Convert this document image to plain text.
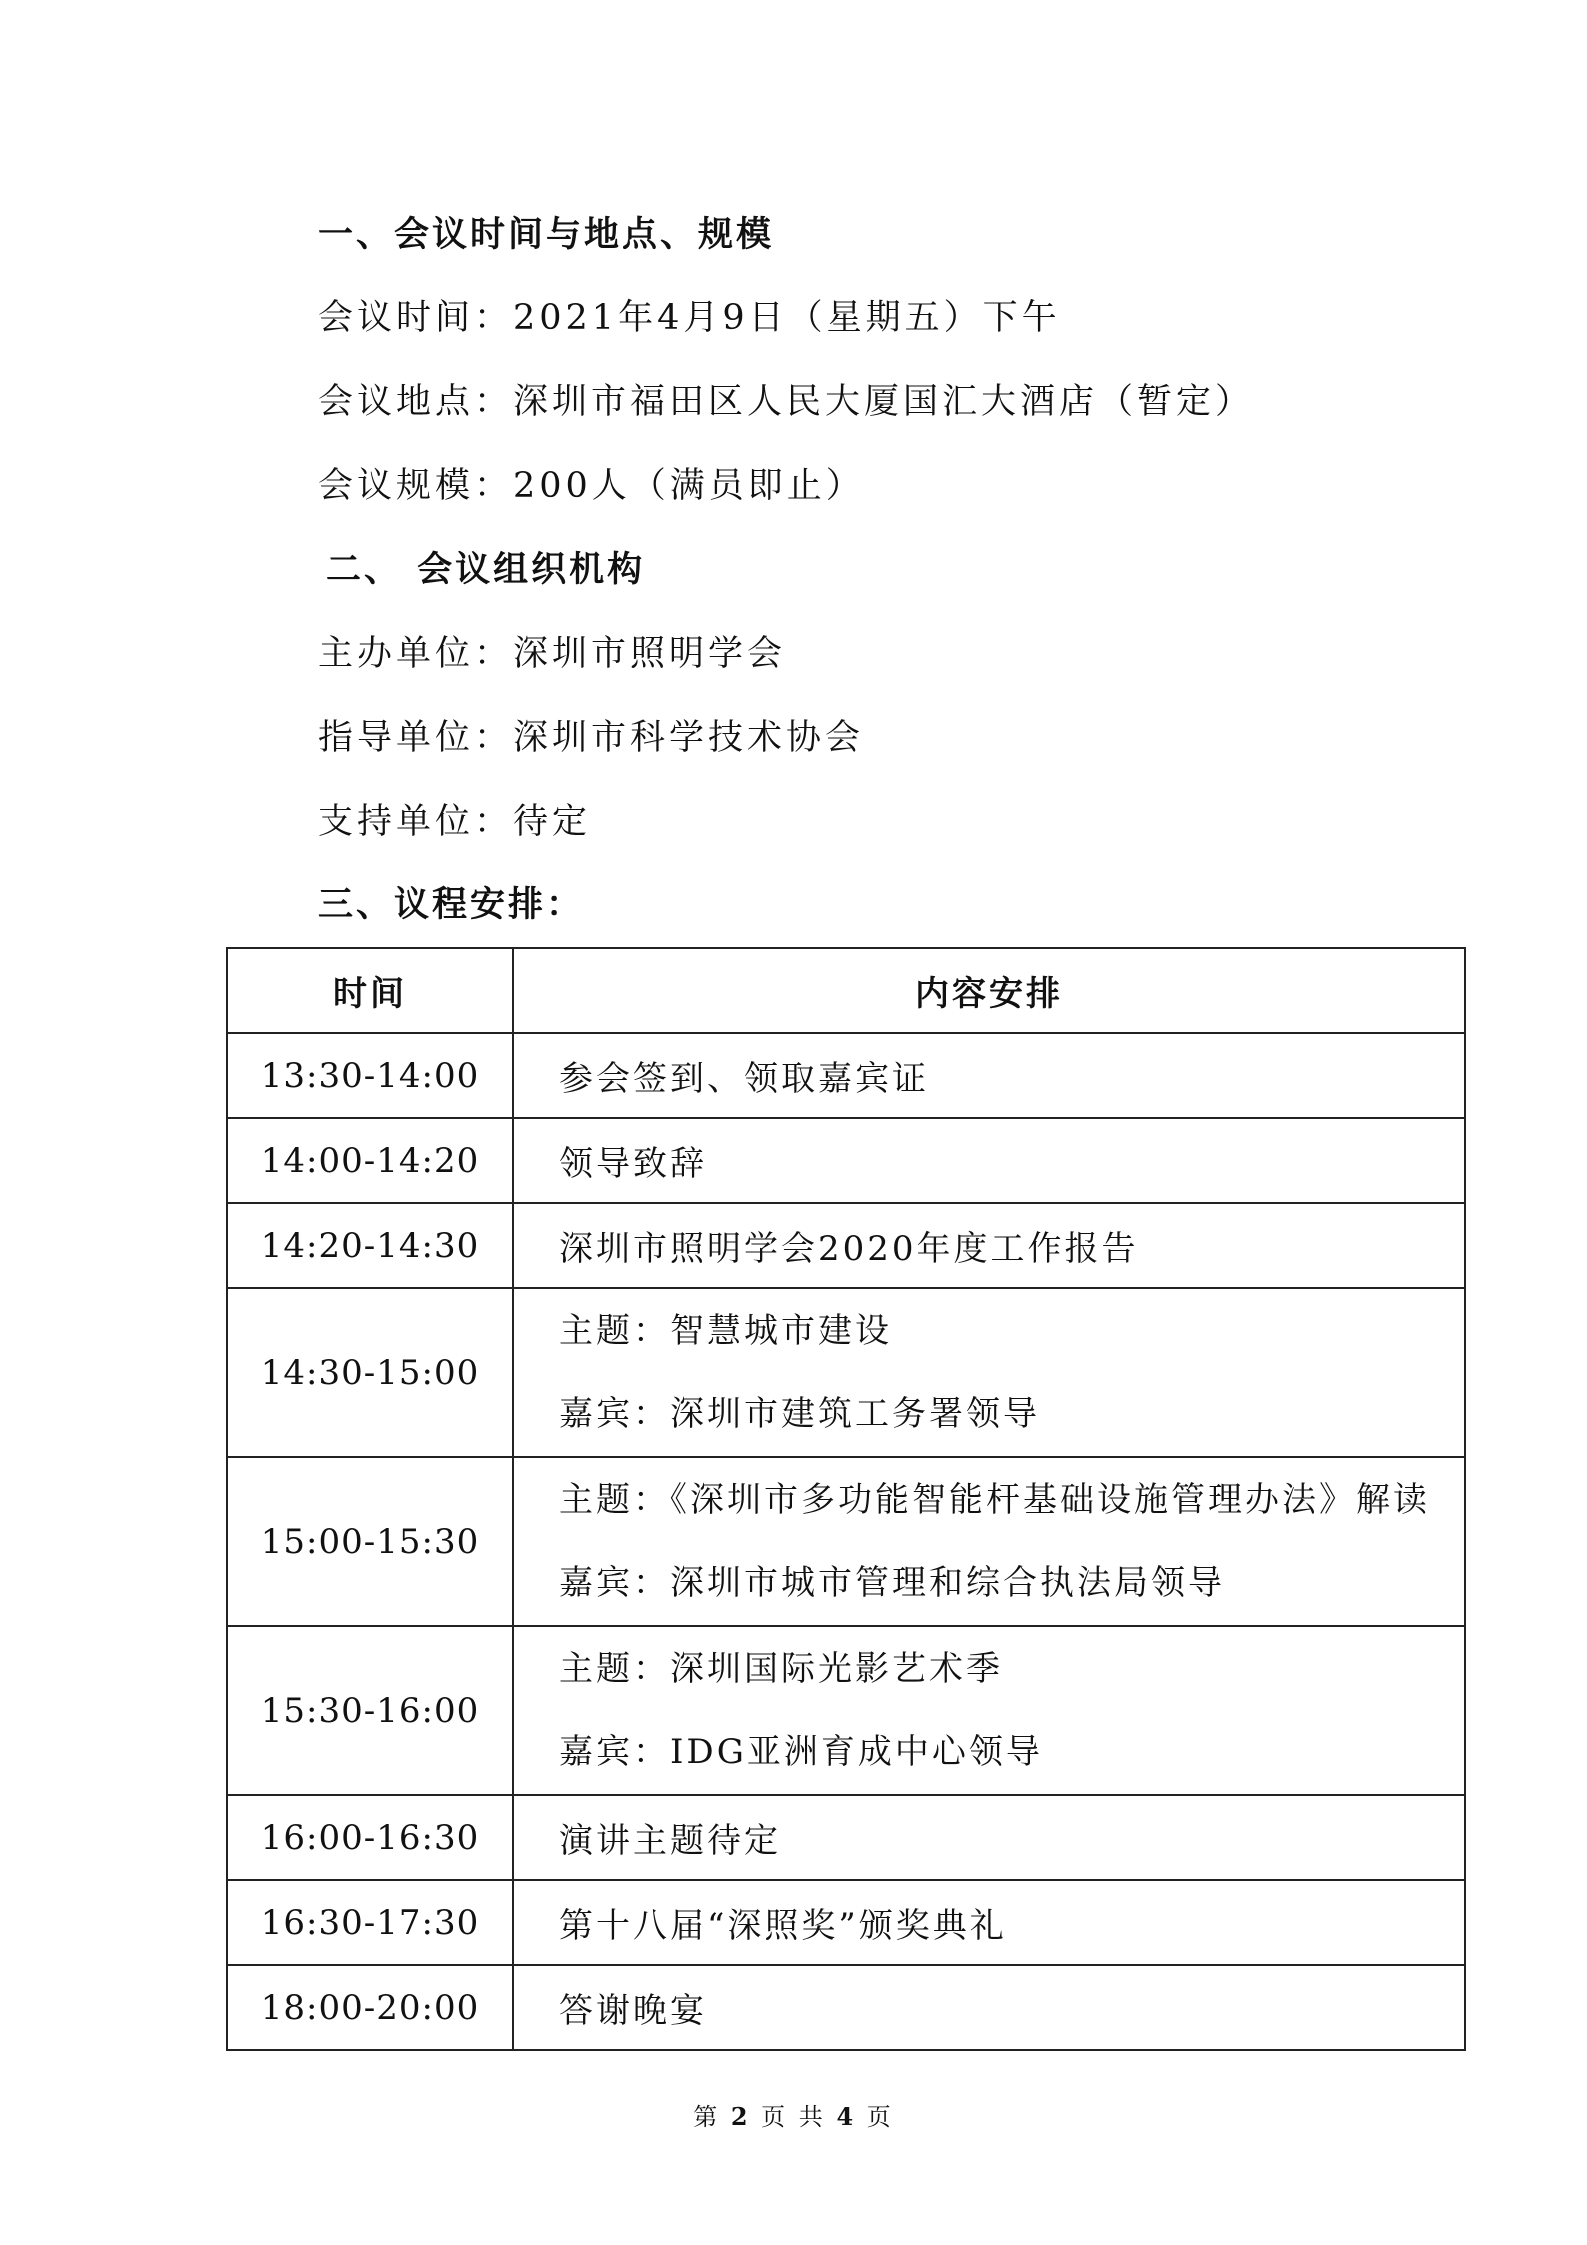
一、会议时间与地点、规模
会议时间：2021年4月9日（星期五）下午
会议地点：深圳市福田区人民大厦国汇大酒店（暂定）
会议规模：200人（满员即止）
二、 会议组织机构
主办单位：深圳市照明学会
指导单位：深圳市科学技术协会
支持单位：待定
三、议程安排：
时间	内容安排
13:30-14:00	参会签到、领取嘉宾证
14:00-14:20	领导致辞
14:20-14:30	深圳市照明学会2020年度工作报告
14:30-15:00	主题：智慧城市建设
嘉宾：深圳市建筑工务署领导

15:00-15:30	主题：《深圳市多功能智能杆基础设施管理办法》解读
嘉宾：深圳市城市管理和综合执法局领导

15:30-16:00	主题：深圳国际光影艺术季
嘉宾：IDG亚洲育成中心领导

16:00-16:30	演讲主题待定
16:30-17:30	第十八届“深照奖”颁奖典礼
18:00-20:00	答谢晚宴
第 2 页 共 4 页
